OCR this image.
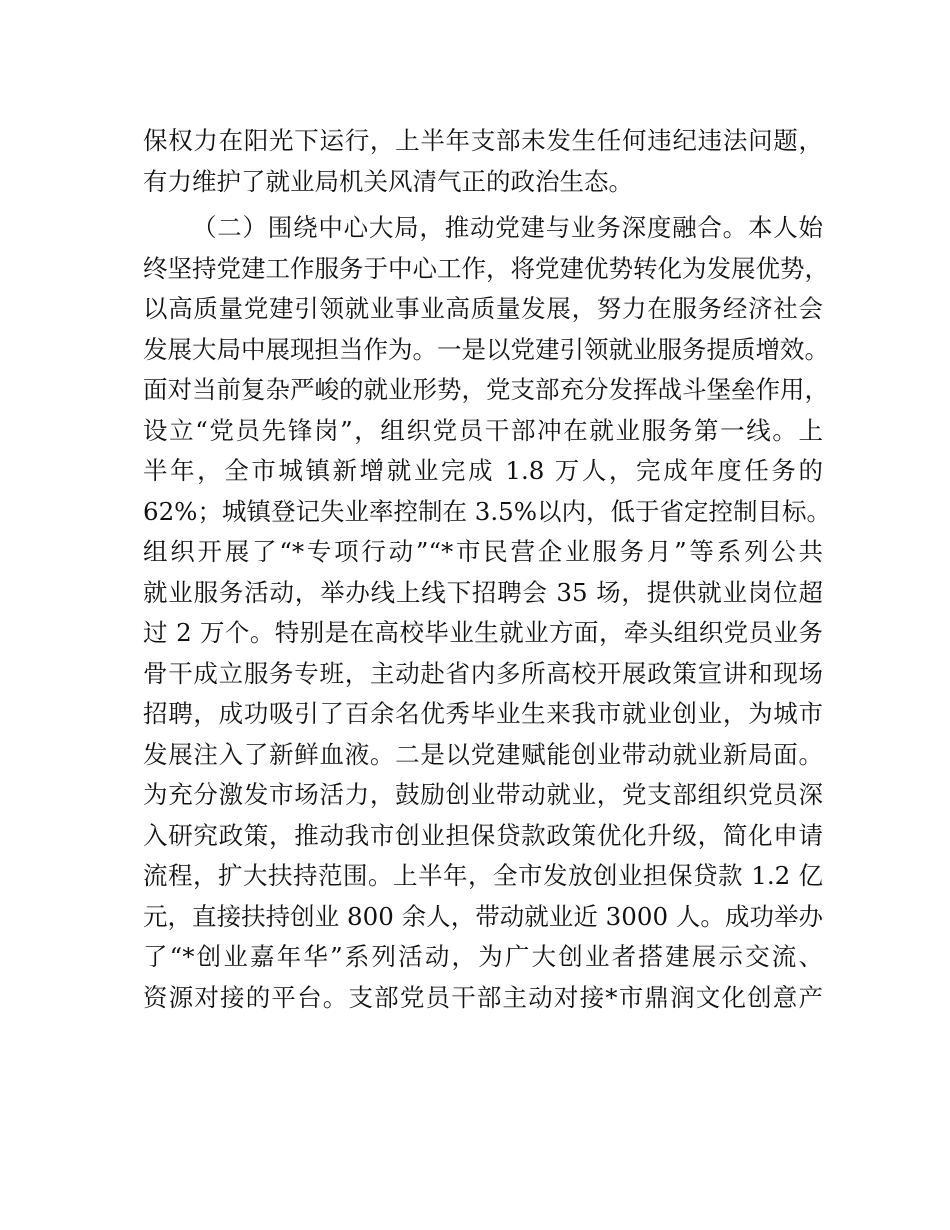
保权力在阳光下运行，上半年支部未发生任何违纪违法问题，
有力维护了就业局机关风清气正的政治生态。
（二）围绕中心大局，推动党建与业务深度融合。本人始
终坚持党建工作服务于中心工作，将党建优势转化为发展优势，
以高质量党建引领就业事业高质量发展，努力在服务经济社会
发展大局中展现担当作为。一是以党建引领就业服务提质增效。
面对当前复杂严峻的就业形势，党支部充分发挥战斗堡垒作用，
设立“党员先锋岗”，组织党员干部冲在就业服务第一线。上
半年，全市城镇新增就业完成 1.8 万人，完成年度任务的
62%；城镇登记失业率控制在 3.5%以内，低于省定控制目标。
组织开展了“*专项行动”“*市民营企业服务月”等系列公共
就业服务活动，举办线上线下招聘会 35 场，提供就业岗位超
过 2 万个。特别是在高校毕业生就业方面，牵头组织党员业务
骨干成立服务专班，主动赴省内多所高校开展政策宣讲和现场
招聘，成功吸引了百余名优秀毕业生来我市就业创业，为城市
发展注入了新鲜血液。二是以党建赋能创业带动就业新局面。
为充分激发市场活力，鼓励创业带动就业，党支部组织党员深
入研究政策，推动我市创业担保贷款政策优化升级，简化申请
流程，扩大扶持范围。上半年，全市发放创业担保贷款 1.2 亿
元，直接扶持创业 800 余人，带动就业近 3000 人。成功举办
了“*创业嘉年华”系列活动，为广大创业者搭建展示交流、
资源对接的平台。支部党员干部主动对接*市鼎润文化创意产
